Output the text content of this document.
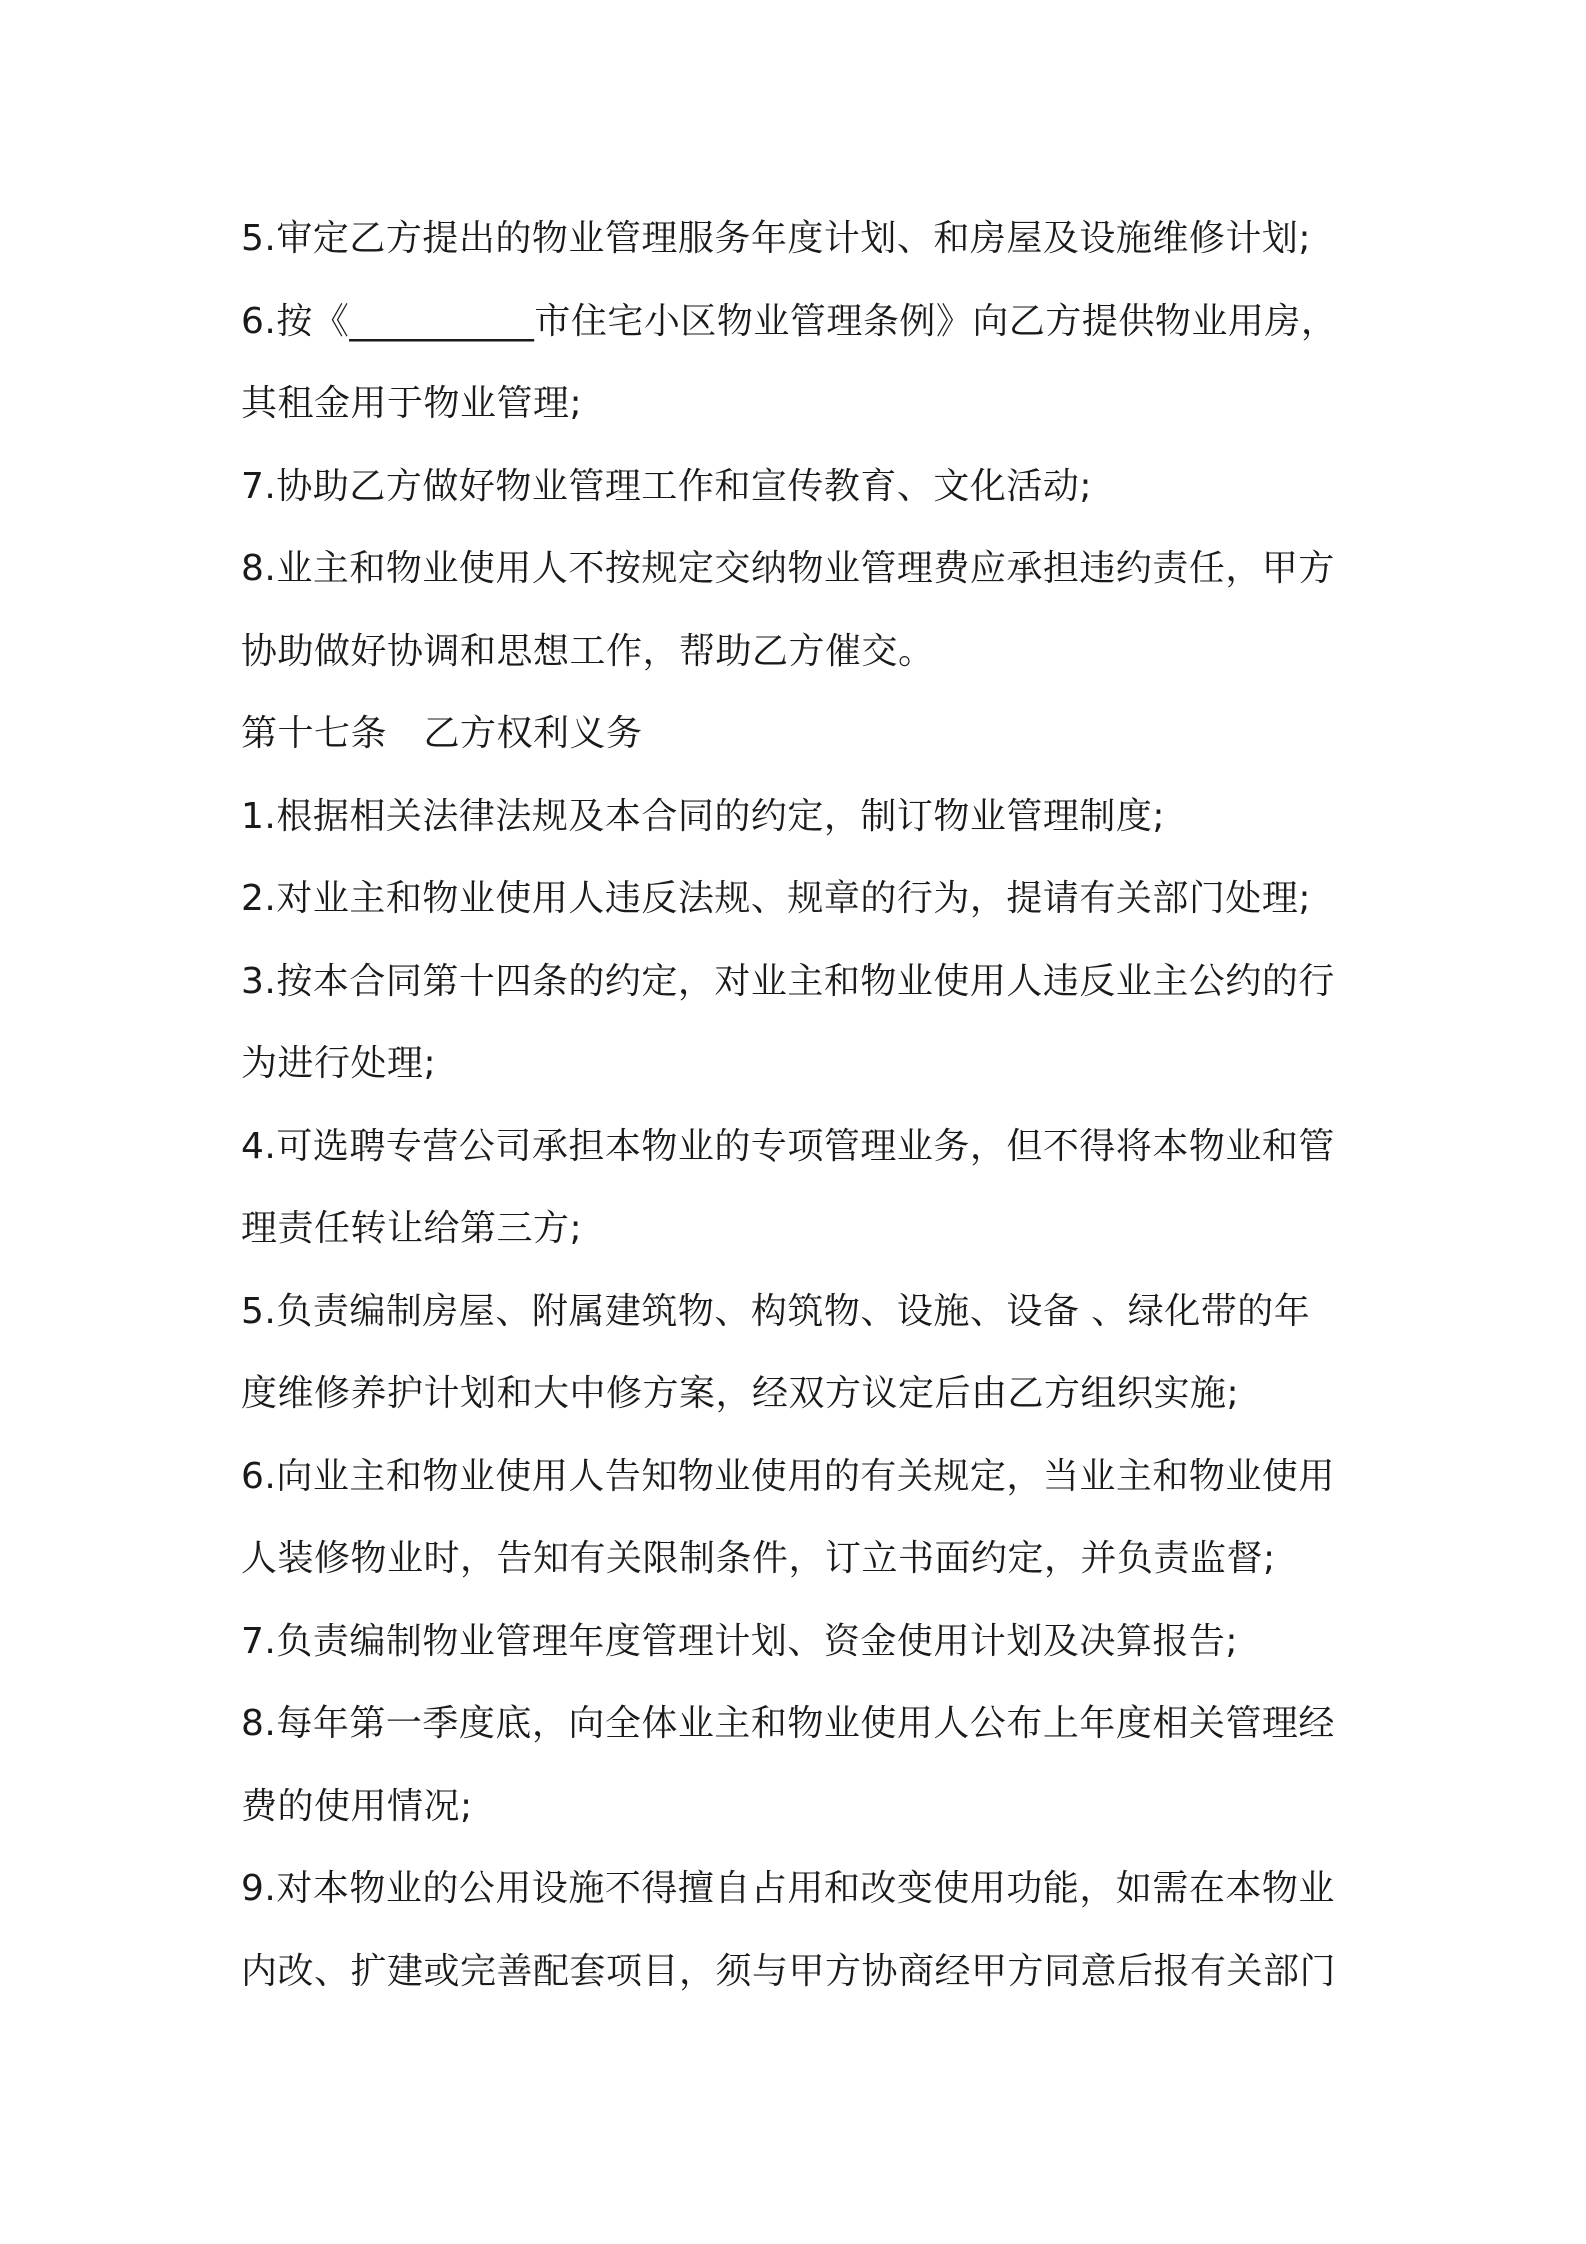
5.审定乙方提出的物业管理服务年度计划、和房屋及设施维修计划;
6.按《__________市住宅小区物业管理条例》向乙方提供物业用房，
其租金用于物业管理;
7.协助乙方做好物业管理工作和宣传教育、文化活动;
8.业主和物业使用人不按规定交纳物业管理费应承担违约责任，甲方
协助做好协调和思想工作，帮助乙方催交。
第十七条　乙方权利义务
1.根据相关法律法规及本合同的约定，制订物业管理制度;
2.对业主和物业使用人违反法规、规章的行为，提请有关部门处理;
3.按本合同第十四条的约定，对业主和物业使用人违反业主公约的行
为进行处理;
4.可选聘专营公司承担本物业的专项管理业务，但不得将本物业和管
理责任转让给第三方;
5.负责编制房屋、附属建筑物、构筑物、设施、设备 、绿化带的年
度维修养护计划和大中修方案，经双方议定后由乙方组织实施;
6.向业主和物业使用人告知物业使用的有关规定，当业主和物业使用
人装修物业时，告知有关限制条件，订立书面约定，并负责监督;
7.负责编制物业管理年度管理计划、资金使用计划及决算报告;
8.每年第一季度底，向全体业主和物业使用人公布上年度相关管理经
费的使用情况;
9.对本物业的公用设施不得擅自占用和改变使用功能，如需在本物业
内改、扩建或完善配套项目，须与甲方协商经甲方同意后报有关部门
